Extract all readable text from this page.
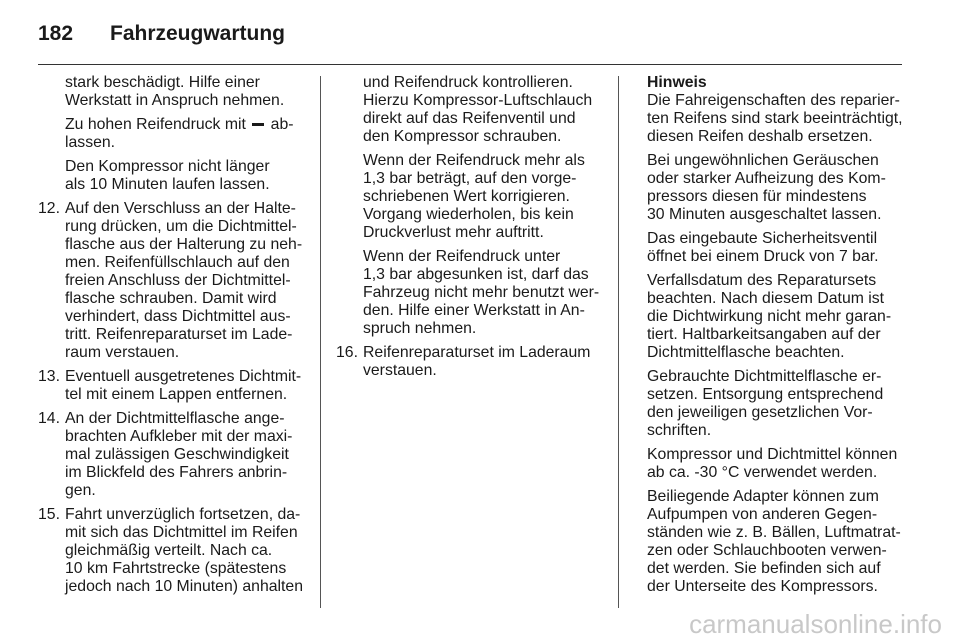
182	Fahrzeugwartung

stark beschädigt. Hilfe einer
Werkstatt in Anspruch nehmen.

Zu hohen Reifendruck mit ab-
lassen.

Den Kompressor nicht länger
als 10 Minuten laufen lassen.

12. Auf den Verschluss an der Halte-
rung drücken, um die Dichtmittel-
flasche aus der Halterung zu neh-
men. Reifenfüllschlauch auf den
freien Anschluss der Dichtmittel-
flasche schrauben. Damit wird
verhindert, dass Dichtmittel aus-
tritt. Reifenreparaturset im Lade-
raum verstauen.
13. Eventuell ausgetretenes Dichtmit-
tel mit einem Lappen entfernen.
14. An der Dichtmittelflasche ange-
brachten Aufkleber mit der maxi-
mal zulässigen Geschwindigkeit
im Blickfeld des Fahrers anbrin-
gen.
15. Fahrt unverzüglich fortsetzen, da-
mit sich das Dichtmittel im Reifen
gleichmäßig verteilt. Nach ca.
10 km Fahrtstrecke (spätestens
jedoch nach 10 Minuten) anhalten

und Reifendruck kontrollieren.
Hierzu Kompressor-Luftschlauch
direkt auf das Reifenventil und
den Kompressor schrauben.

Wenn der Reifendruck mehr als
1,3 bar beträgt, auf den vorge-
schriebenen Wert korrigieren.
Vorgang wiederholen, bis kein
Druckverlust mehr auftritt.

Wenn der Reifendruck unter
1,3 bar abgesunken ist, darf das
Fahrzeug nicht mehr benutzt wer-
den. Hilfe einer Werkstatt in An-
spruch nehmen.

16. Reifenreparaturset im Laderaum
verstauen.
Hinweis

Die Fahreigenschaften des reparier-
ten Reifens sind stark beeinträchtigt,
diesen Reifen deshalb ersetzen.

Bei ungewöhnlichen Geräuschen
oder starker Aufheizung des Kom-
pressors diesen für mindestens
30 Minuten ausgeschaltet lassen.

Das eingebaute Sicherheitsventil
öffnet bei einem Druck von 7 bar.

Verfallsdatum des Reparatursets
beachten. Nach diesem Datum ist
die Dichtwirkung nicht mehr garan-
tiert. Haltbarkeitsangaben auf der
Dichtmittelflasche beachten.

Gebrauchte Dichtmittelflasche er-
setzen. Entsorgung entsprechend
den jeweiligen gesetzlichen Vor-
schriften.

Kompressor und Dichtmittel können
ab ca. -30 °C verwendet werden.

Beiliegende Adapter können zum
Aufpumpen von anderen Gegen-
ständen wie z. B. Bällen, Luftmatrat-
zen oder Schlauchbooten verwen-
det werden. Sie befinden sich auf
der Unterseite des Kompressors.

carmanualsonline.info
